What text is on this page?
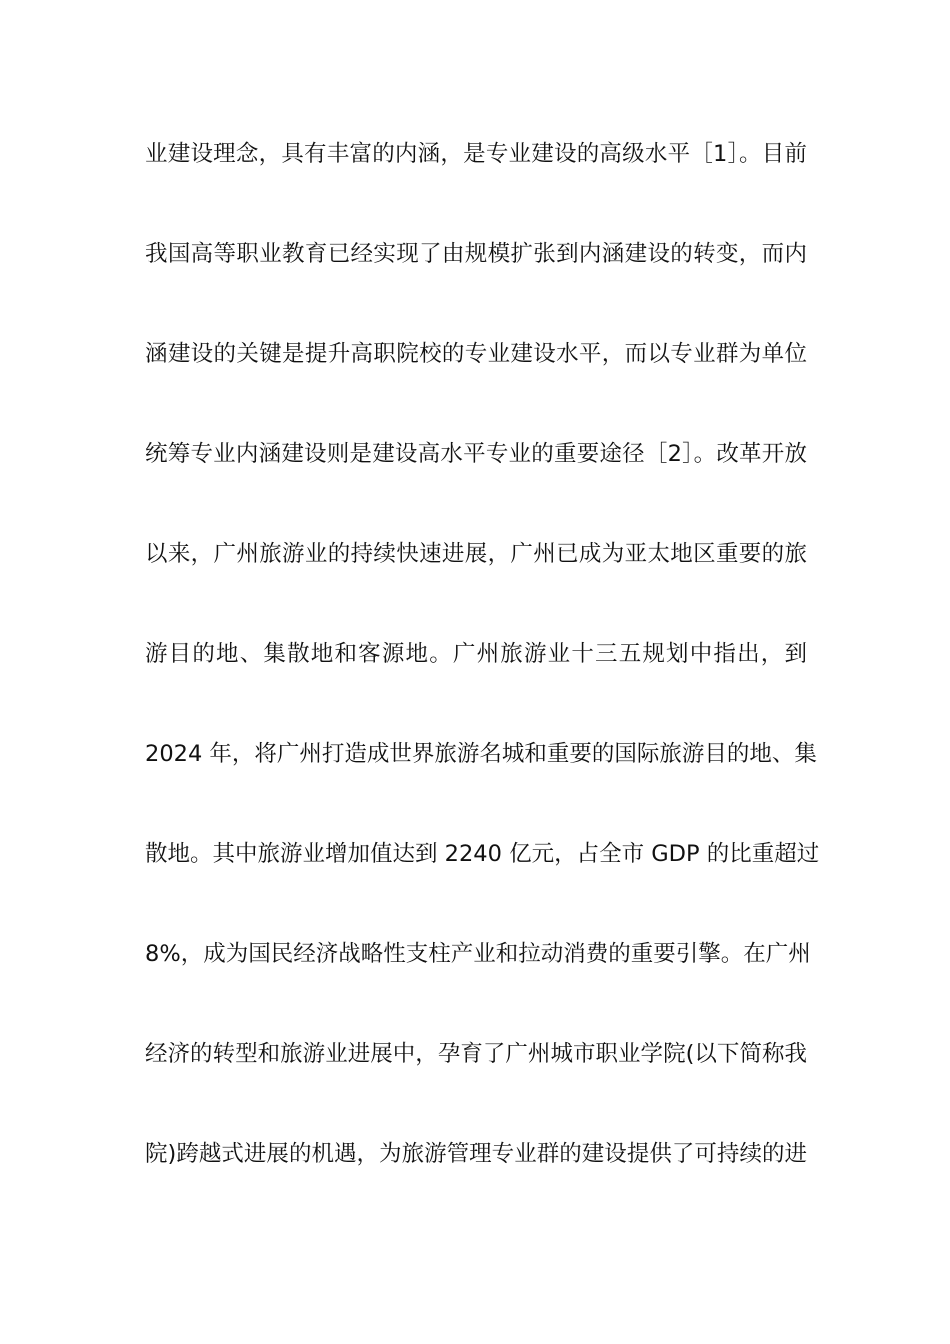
业建设理念，具有丰富的内涵，是专业建设的高级水平［1］。目前
我国高等职业教育已经实现了由规模扩张到内涵建设的转变，而内
涵建设的关键是提升高职院校的专业建设水平，而以专业群为单位
统筹专业内涵建设则是建设高水平专业的重要途径［2］。改革开放
以来，广州旅游业的持续快速进展，广州已成为亚太地区重要的旅
游目的地、集散地和客源地。广州旅游业十三五规划中指出，到
2024 年，将广州打造成世界旅游名城和重要的国际旅游目的地、集
散地。其中旅游业增加值达到 2240 亿元，占全市 GDP 的比重超过
8%，成为国民经济战略性支柱产业和拉动消费的重要引擎。在广州
经济的转型和旅游业进展中，孕育了广州城市职业学院(以下简称我
院)跨越式进展的机遇，为旅游管理专业群的建设提供了可持续的进
